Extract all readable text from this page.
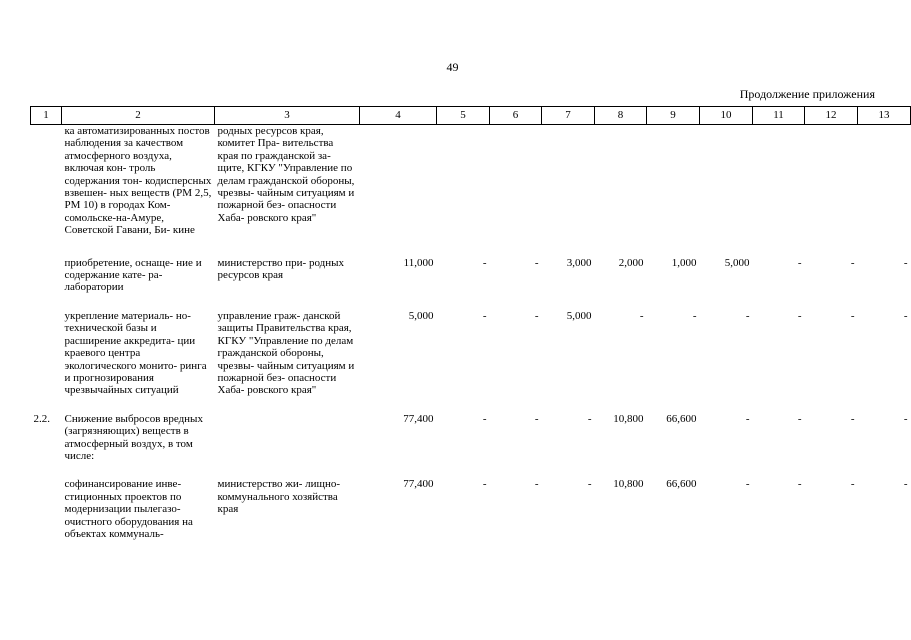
49
Продолжение приложения
1	2	3	4	5	6	7	8	9	10	11	12	13
	ка автоматизированных постов наблюдения за качеством атмосферного воздуха, включая кон- троль содержания тон- кодисперсных взвешен- ных веществ (РМ 2,5, РМ 10) в городах Ком- сомольске-на-Амуре, Советской Гавани, Би- кине	родных ресурсов края, комитет Пра- вительства края по гражданской за- щите, КГКУ "Управление по делам гражданской обороны, чрезвы- чайным ситуациям и пожарной без- опасности Хаба- ровского края"										
	приобретение, оснаще- ние и содержание кате- ра-лаборатории	министерство при- родных ресурсов края	11,000	-	-	3,000	2,000	1,000	5,000	-	-	-
	укрепление материаль- но-технической базы и расширение аккредита- ции краевого центра экологического монито- ринга и прогнозирования чрезвычайных ситуаций	управление граж- данской защиты Правительства края, КГКУ "Управление по делам гражданской обороны, чрезвы- чайным ситуациям и пожарной без- опасности Хаба- ровского края"	5,000	-	-	5,000	-	-	-	-	-	-
2.2.	Снижение выбросов вредных (загрязняющих) веществ в атмосферный воздух, в том числе:		77,400	-	-	-	10,800	66,600	-	-	-	-
	софинансирование инве- стиционных проектов по модернизации пылегазо- очистного оборудования на объектах коммуналь-	министерство жи- лищно- коммунального хозяйства края	77,400	-	-	-	10,800	66,600	-	-	-	-
